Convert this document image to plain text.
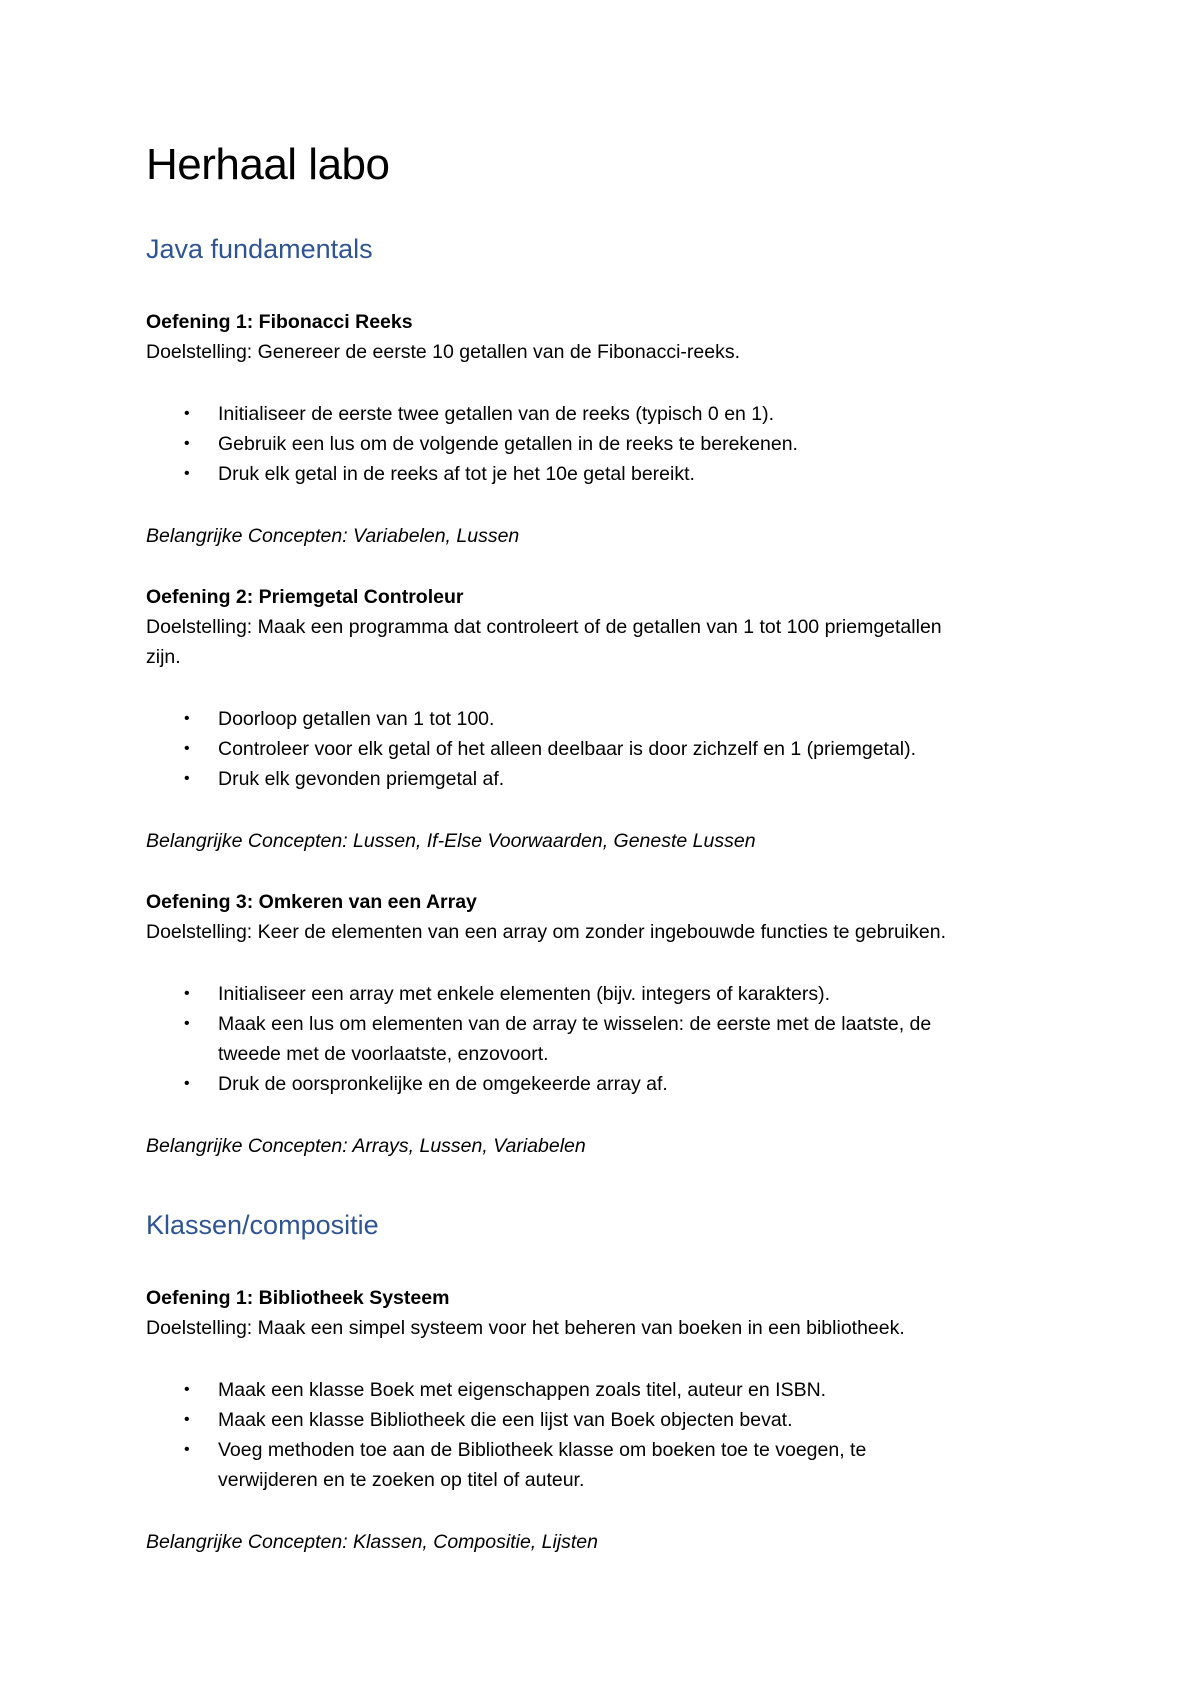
Herhaal labo
Java fundamentals
Oefening 1: Fibonacci Reeks
Doelstelling: Genereer de eerste 10 getallen van de Fibonacci-reeks.
• Initialiseer de eerste twee getallen van de reeks (typisch 0 en 1).
• Gebruik een lus om de volgende getallen in de reeks te berekenen.
• Druk elk getal in de reeks af tot je het 10e getal bereikt.
Belangrijke Concepten: Variabelen, Lussen
Oefening 2: Priemgetal Controleur
Doelstelling: Maak een programma dat controleert of de getallen van 1 tot 100 priemgetallen zijn.
• Doorloop getallen van 1 tot 100.
• Controleer voor elk getal of het alleen deelbaar is door zichzelf en 1 (priemgetal).
• Druk elk gevonden priemgetal af.
Belangrijke Concepten: Lussen, If-Else Voorwaarden, Geneste Lussen
Oefening 3: Omkeren van een Array
Doelstelling: Keer de elementen van een array om zonder ingebouwde functies te gebruiken.
• Initialiseer een array met enkele elementen (bijv. integers of karakters).
• Maak een lus om elementen van de array te wisselen: de eerste met de laatste, de tweede met de voorlaatste, enzovoort.
• Druk de oorspronkelijke en de omgekeerde array af.
Belangrijke Concepten: Arrays, Lussen, Variabelen
Klassen/compositie
Oefening 1: Bibliotheek Systeem
Doelstelling: Maak een simpel systeem voor het beheren van boeken in een bibliotheek.
• Maak een klasse Boek met eigenschappen zoals titel, auteur en ISBN.
• Maak een klasse Bibliotheek die een lijst van Boek objecten bevat.
• Voeg methoden toe aan de Bibliotheek klasse om boeken toe te voegen, te verwijderen en te zoeken op titel of auteur.
Belangrijke Concepten: Klassen, Compositie, Lijsten
